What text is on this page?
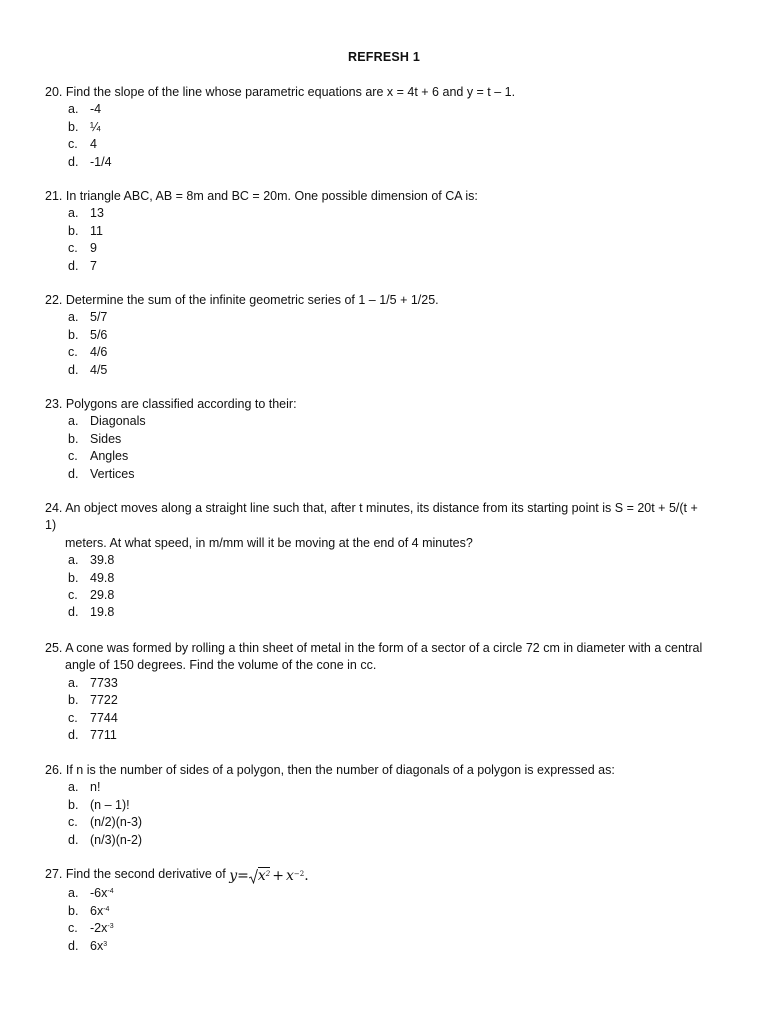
REFRESH 1
20. Find the slope of the line whose parametric equations are x = 4t + 6 and y = t – 1.
a. -4
b. ¼
c. 4
d. -1/4
21. In triangle ABC, AB = 8m and BC = 20m. One possible dimension of CA is:
a. 13
b. 11
c. 9
d. 7
22. Determine the sum of the infinite geometric series of 1 – 1/5 + 1/25.
a. 5/7
b. 5/6
c. 4/6
d. 4/5
23. Polygons are classified according to their:
a. Diagonals
b. Sides
c. Angles
d. Vertices
24. An object moves along a straight line such that, after t minutes, its distance from its starting point is S = 20t + 5/(t +
1)
meters. At what speed, in m/mm will it be moving at the end of 4 minutes?
a. 39.8
b. 49.8
c. 29.8
d. 19.8
25. A cone was formed by rolling a thin sheet of metal in the form of a sector of a circle 72 cm in diameter with a central
angle of 150 degrees. Find the volume of the cone in cc.
a. 7733
b. 7722
c. 7744
d. 7711
26. If n is the number of sides of a polygon, then the number of diagonals of a polygon is expressed as:
a. n!
b. (n – 1)!
c. (n/2)(n-3)
d. (n/3)(n-2)
27. Find the second derivative of $y= x^2 + x^{-2}$.
a. $-6x^{-4}$
b. $6x^{-4}$
c. $-2x^{-3}$
d. $6x^3$
